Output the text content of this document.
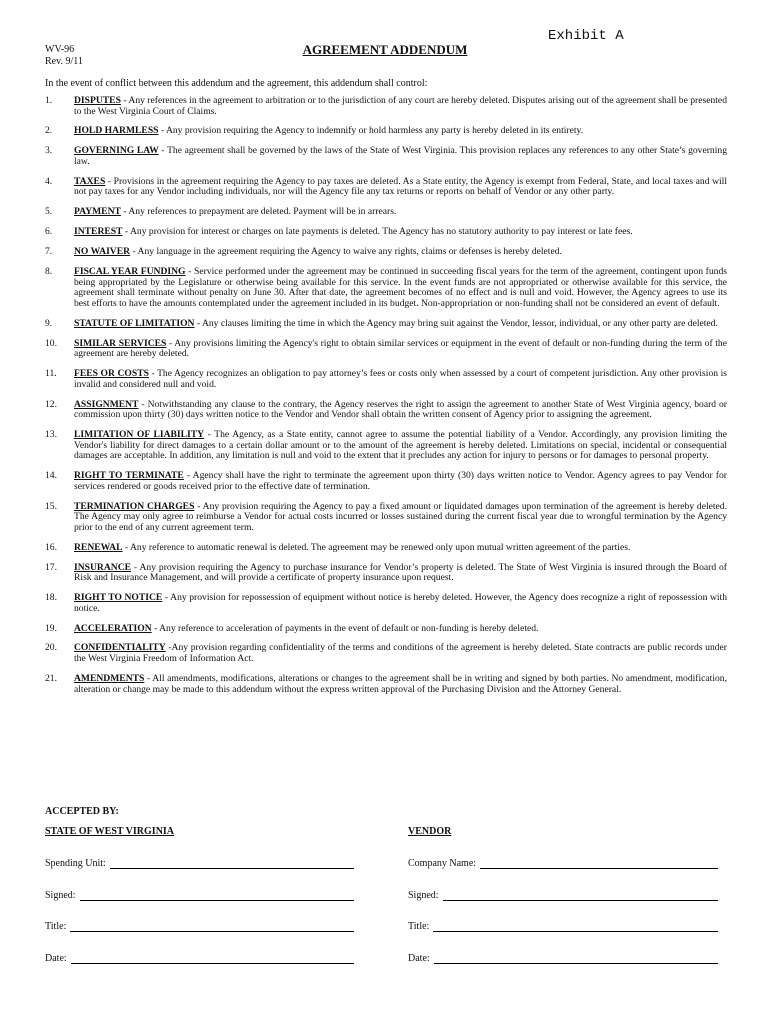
Exhibit A
WV-96
Rev. 9/11
AGREEMENT ADDENDUM
In the event of conflict between this addendum and the agreement, this addendum shall control:
1. DISPUTES - Any references in the agreement to arbitration or to the jurisdiction of any court are hereby deleted. Disputes arising out of the agreement shall be presented to the West Virginia Court of Claims.
2. HOLD HARMLESS - Any provision requiring the Agency to indemnify or hold harmless any party is hereby deleted in its entirety.
3. GOVERNING LAW - The agreement shall be governed by the laws of the State of West Virginia. This provision replaces any references to any other State’s governing law.
4. TAXES - Provisions in the agreement requiring the Agency to pay taxes are deleted. As a State entity, the Agency is exempt from Federal, State, and local taxes and will not pay taxes for any Vendor including individuals, nor will the Agency file any tax returns or reports on behalf of Vendor or any other party.
5. PAYMENT - Any references to prepayment are deleted. Payment will be in arrears.
6. INTEREST - Any provision for interest or charges on late payments is deleted. The Agency has no statutory authority to pay interest or late fees.
7. NO WAIVER - Any language in the agreement requiring the Agency to waive any rights, claims or defenses is hereby deleted.
8. FISCAL YEAR FUNDING - Service performed under the agreement may be continued in succeeding fiscal years for the term of the agreement, contingent upon funds being appropriated by the Legislature or otherwise being available for this service. In the event funds are not appropriated or otherwise available for this service, the agreement shall terminate without penalty on June 30. After that date, the agreement becomes of no effect and is null and void. However, the Agency agrees to use its best efforts to have the amounts contemplated under the agreement included in its budget. Non-appropriation or non-funding shall not be considered an event of default.
9. STATUTE OF LIMITATION - Any clauses limiting the time in which the Agency may bring suit against the Vendor, lessor, individual, or any other party are deleted.
10. SIMILAR SERVICES - Any provisions limiting the Agency's right to obtain similar services or equipment in the event of default or non-funding during the term of the agreement are hereby deleted.
11. FEES OR COSTS - The Agency recognizes an obligation to pay attorney’s fees or costs only when assessed by a court of competent jurisdiction. Any other provision is invalid and considered null and void.
12. ASSIGNMENT - Notwithstanding any clause to the contrary, the Agency reserves the right to assign the agreement to another State of West Virginia agency, board or commission upon thirty (30) days written notice to the Vendor and Vendor shall obtain the written consent of Agency prior to assigning the agreement.
13. LIMITATION OF LIABILITY - The Agency, as a State entity, cannot agree to assume the potential liability of a Vendor. Accordingly, any provision limiting the Vendor's liability for direct damages to a certain dollar amount or to the amount of the agreement is hereby deleted. Limitations on special, incidental or consequential damages are acceptable. In addition, any limitation is null and void to the extent that it precludes any action for injury to persons or for damages to personal property.
14. RIGHT TO TERMINATE - Agency shall have the right to terminate the agreement upon thirty (30) days written notice to Vendor. Agency agrees to pay Vendor for services rendered or goods received prior to the effective date of termination.
15. TERMINATION CHARGES - Any provision requiring the Agency to pay a fixed amount or liquidated damages upon termination of the agreement is hereby deleted. The Agency may only agree to reimburse a Vendor for actual costs incurred or losses sustained during the current fiscal year due to wrongful termination by the Agency prior to the end of any current agreement term.
16. RENEWAL - Any reference to automatic renewal is deleted. The agreement may be renewed only upon mutual written agreement of the parties.
17. INSURANCE - Any provision requiring the Agency to purchase insurance for Vendor’s property is deleted. The State of West Virginia is insured through the Board of Risk and Insurance Management, and will provide a certificate of property insurance upon request.
18. RIGHT TO NOTICE - Any provision for repossession of equipment without notice is hereby deleted. However, the Agency does recognize a right of repossession with notice.
19. ACCELERATION - Any reference to acceleration of payments in the event of default or non-funding is hereby deleted.
20. CONFIDENTIALITY -Any provision regarding confidentiality of the terms and conditions of the agreement is hereby deleted. State contracts are public records under the West Virginia Freedom of Information Act.
21. AMENDMENTS - All amendments, modifications, alterations or changes to the agreement shall be in writing and signed by both parties. No amendment, modification, alteration or change may be made to this addendum without the express written approval of the Purchasing Division and the Attorney General.
ACCEPTED BY:
STATE OF WEST VIRGINIA
Spending Unit:
Signed:
Title:
Date:
VENDOR
Company Name:
Signed:
Title:
Date:
